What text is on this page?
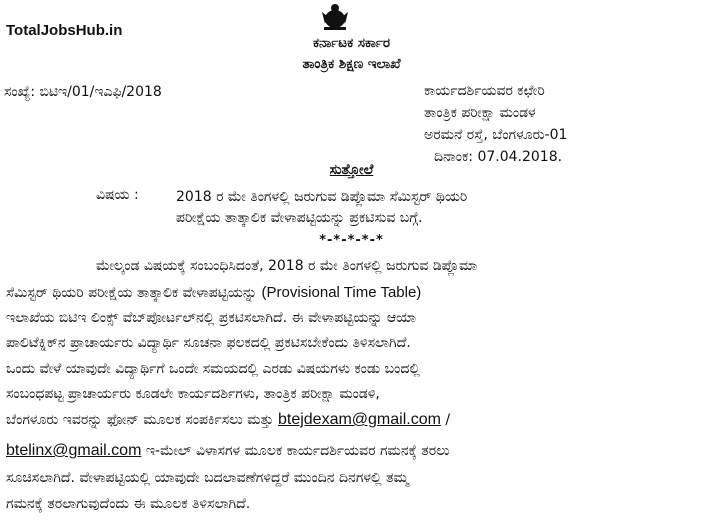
TotalJobsHub.in
ಕರ್ನಾಟಕ ಸರ್ಕಾರ
ತಾಂತ್ರಿಕ ಶಿಕ್ಷಣ ಇಲಾಖೆ
ಸಂಖ್ಯೆ: ಬಿಟಿಇ/01/ಇಎಫಿ/2018	ಕಾರ್ಯದರ್ಶಿಯವರ ಕಛೇರಿ
ತಾಂತ್ರಿಕ ಪರೀಕ್ಷಾ ಮಂಡಳ
ಅರಮನೆ ರಸ್ತೆ, ಬೆಂಗಳೂರು-01
ದಿನಾಂಕ: 07.04.2018.
ಸುತ್ತೋಲೆ
ವಿಷಯ :	2018 ರ ಮೇ ತಿಂಗಳಲ್ಲಿ ಜರುಗುವ ಡಿಪ್ಲೊಮಾ ಸೆಮಿಸ್ಟರ್ ಥಿಯರಿ
ಪರೀಕ್ಷೆಯ ತಾತ್ಕಾಲಿಕ ವೇಳಾಪಟ್ಟಿಯನ್ನು ಪ್ರಕಟಿಸುವ ಬಗ್ಗೆ.
*-*-*-*-*
ಮೇಲ್ಕಂಡ ವಿಷಯಕ್ಕೆ ಸಂಬಂಧಿಸಿದಂತೆ, 2018 ರ ಮೇ ತಿಂಗಳಲ್ಲಿ ಜರುಗುವ ಡಿಪ್ಲೊಮಾ
ಸೆಮಿಸ್ಟರ್ ಥಿಯರಿ ಪರೀಕ್ಷೆಯ ತಾತ್ಕಾಲಿಕ ವೇಳಾಪಟ್ಟಿಯನ್ನು (Provisional Time Table)
ಇಲಾಖೆಯ ಬಿಟಿಇ ಲಿಂಕ್ಸ್ ವೆಬ್‌ಪೋರ್ಟಲ್‌ನಲ್ಲಿ ಪ್ರಕಟಿಸಲಾಗಿದೆ. ಈ ವೇಳಾಪಟ್ಟಿಯನ್ನು ಆಯಾ
ಪಾಲಿಟೆಕ್ನಿಕ್‌ನ ಪ್ರಾಚಾರ್ಯರು ವಿದ್ಯಾರ್ಥಿ ಸೂಚನಾ ಫಲಕದಲ್ಲಿ ಪ್ರಕಟಿಸಬೇಕೆಂದು ತಿಳಿಸಲಾಗಿದೆ.
ಒಂದು ವೇಳೆ ಯಾವುದೇ ವಿದ್ಯಾರ್ಥಿಗೆ ಒಂದೇ ಸಮಯದಲ್ಲಿ ಎರಡು ವಿಷಯಗಳು ಕಂಡು ಬಂದಲ್ಲಿ
ಸಂಬಂಧಪಟ್ಟ ಪ್ರಾಚಾರ್ಯರು ಕೂಡಲೇ ಕಾರ್ಯದರ್ಶಿಗಳು, ತಾಂತ್ರಿಕ ಪರೀಕ್ಷಾ ಮಂಡಳಿ,
ಬೆಂಗಳೂರು ಇವರನ್ನು ಫೋನ್ ಮೂಲಕ ಸಂಪರ್ಕಿಸಲು ಮತ್ತು btejdexam@gmail.com /
btelinx@gmail.com ಇ-ಮೇಲ್ ವಿಳಾಸಗಳ ಮೂಲಕ ಕಾರ್ಯದರ್ಶಿಯವರ ಗಮನಕ್ಕೆ ತರಲು
ಸೂಚಿಸಲಾಗಿದೆ. ವೇಳಾಪಟ್ಟಿಯಲ್ಲಿ ಯಾವುದೇ ಬದಲಾವಣೆಗಳಿದ್ದರೆ ಮುಂದಿನ ದಿನಗಳಲ್ಲಿ ತಮ್ಮ
ಗಮನಕ್ಕೆ ತರಲಾಗುವುದೆಂದು ಈ ಮೂಲಕ ತಿಳಿಸಲಾಗಿದೆ.
